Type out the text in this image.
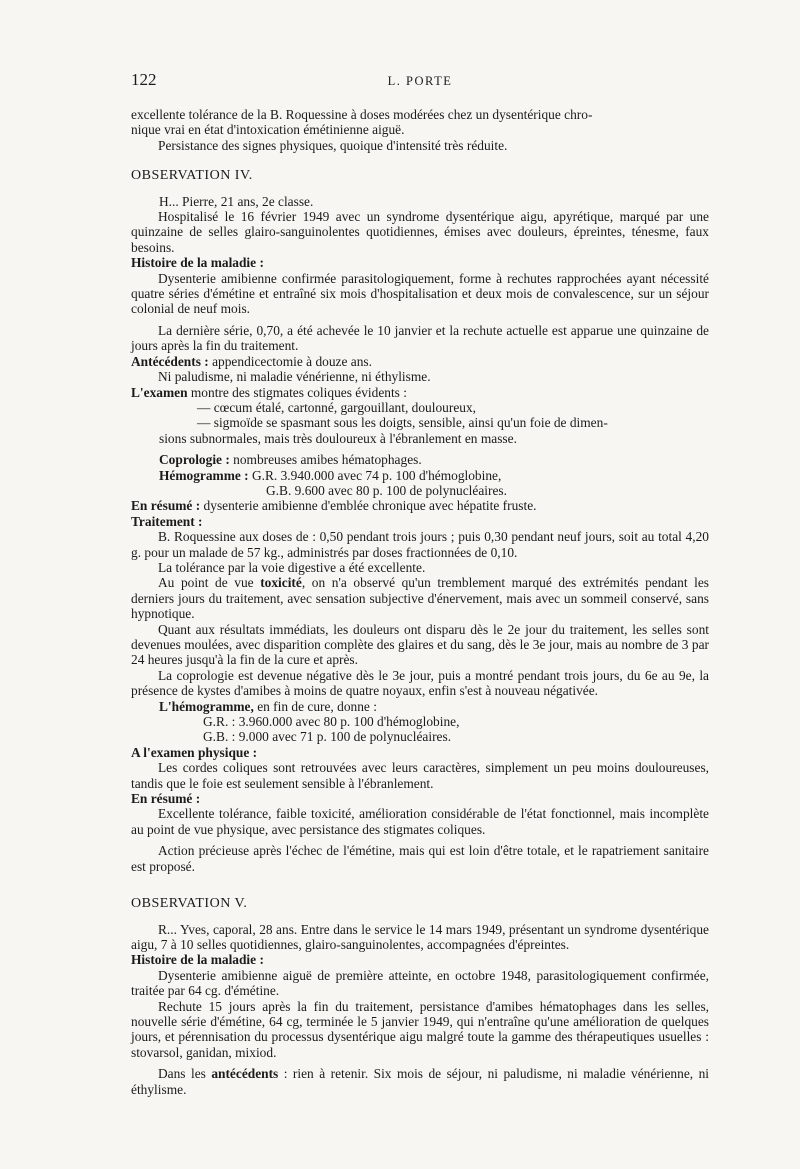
122	L. PORTE

excellente tolérance de la B. Roquessine à doses modérées chez un dysentérique chro-

nique vrai en état d'intoxication émétinienne aiguë.

Persistance des signes physiques, quoique d'intensité très réduite.

OBSERVATION IV.

H... Pierre, 21 ans, 2e classe.

Hospitalisé le 16 février 1949 avec un syndrome dysentérique aigu, apyrétique, marqué par une quinzaine de selles glairo-sanguinolentes quotidiennes, émises avec douleurs, épreintes, ténesme, faux besoins.

Histoire de la maladie :

Dysenterie amibienne confirmée parasitologiquement, forme à rechutes rapprochées ayant nécessité quatre séries d'émétine et entraîné six mois d'hospitalisation et deux mois de convalescence, sur un séjour colonial de neuf mois.

La dernière série, 0,70, a été achevée le 10 janvier et la rechute actuelle est apparue une quinzaine de jours après la fin du traitement.

Antécédents : appendicectomie à douze ans.

Ni paludisme, ni maladie vénérienne, ni éthylisme.

L'examen montre des stigmates coliques évidents :

— cœcum étalé, cartonné, gargouillant, douloureux,

— sigmoïde se spasmant sous les doigts, sensible, ainsi qu'un foie de dimen-

sions subnormales, mais très douloureux à l'ébranlement en masse.

Coprologie : nombreuses amibes hématophages.

Hémogramme : G.R. 3.940.000 avec 74 p. 100 d'hémoglobine,

G.B. 9.600 avec 80 p. 100 de polynucléaires.

En résumé : dysenterie amibienne d'emblée chronique avec hépatite fruste.

Traitement :

B. Roquessine aux doses de : 0,50 pendant trois jours ; puis 0,30 pendant neuf jours, soit au total 4,20 g. pour un malade de 57 kg., administrés par doses fractionnées de 0,10.

La tolérance par la voie digestive a été excellente.

Au point de vue toxicité, on n'a observé qu'un tremblement marqué des extrémités pendant les derniers jours du traitement, avec sensation subjective d'énervement, mais avec un sommeil conservé, sans hypnotique.

Quant aux résultats immédiats, les douleurs ont disparu dès le 2e jour du traitement, les selles sont devenues moulées, avec disparition complète des glaires et du sang, dès le 3e jour, mais au nombre de 3 par 24 heures jusqu'à la fin de la cure et après.

La coprologie est devenue négative dès le 3e jour, puis a montré pendant trois jours, du 6e au 9e, la présence de kystes d'amibes à moins de quatre noyaux, enfin s'est à nouveau négativée.

L'hémogramme, en fin de cure, donne :

G.R. : 3.960.000 avec 80 p. 100 d'hémoglobine,

G.B. : 9.000 avec 71 p. 100 de polynucléaires.

A l'examen physique :

Les cordes coliques sont retrouvées avec leurs caractères, simplement un peu moins douloureuses, tandis que le foie est seulement sensible à l'ébranlement.

En résumé :

Excellente tolérance, faible toxicité, amélioration considérable de l'état fonctionnel, mais incomplète au point de vue physique, avec persistance des stigmates coliques.

Action précieuse après l'échec de l'émétine, mais qui est loin d'être totale, et le rapatriement sanitaire est proposé.

OBSERVATION V.

R... Yves, caporal, 28 ans. Entre dans le service le 14 mars 1949, présentant un syndrome dysentérique aigu, 7 à 10 selles quotidiennes, glairo-sanguinolentes, accompagnées d'épreintes.

Histoire de la maladie :

Dysenterie amibienne aiguë de première atteinte, en octobre 1948, parasitologiquement confirmée, traitée par 64 cg. d'émétine.

Rechute 15 jours après la fin du traitement, persistance d'amibes hématophages dans les selles, nouvelle série d'émétine, 64 cg, terminée le 5 janvier 1949, qui n'entraîne qu'une amélioration de quelques jours, et pérennisation du processus dysentérique aigu malgré toute la gamme des thérapeutiques usuelles : stovarsol, ganidan, mixiod.

Dans les antécédents : rien à retenir. Six mois de séjour, ni paludisme, ni maladie vénérienne, ni éthylisme.
